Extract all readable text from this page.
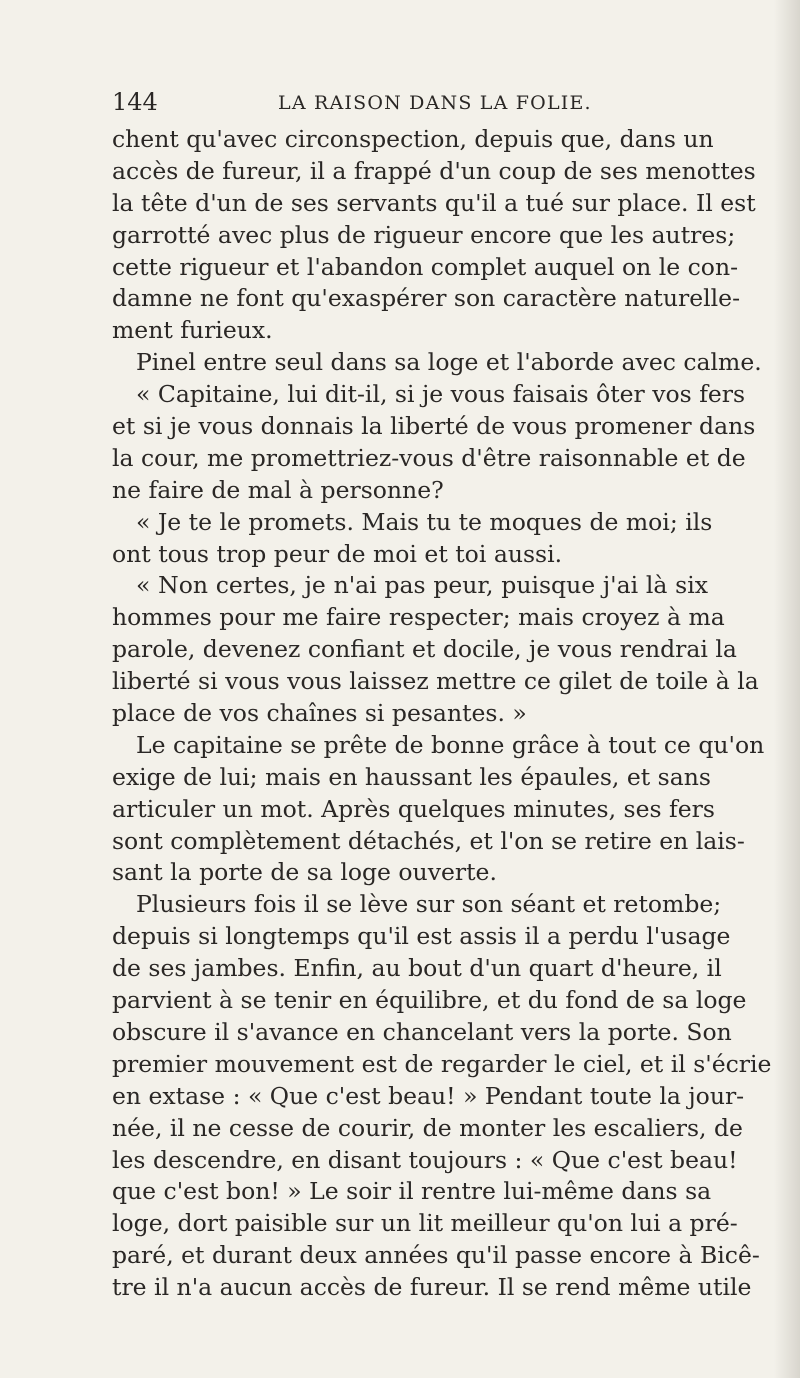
144	LA RAISON DANS LA FOLIE.
chent qu'avec circonspection, depuis que, dans un
accès de fureur, il a frappé d'un coup de ses menottes
la tête d'un de ses servants qu'il a tué sur place. Il est
garrotté avec plus de rigueur encore que les autres;
cette rigueur et l'abandon complet auquel on le con-
damne ne font qu'exaspérer son caractère naturelle-
ment furieux.
Pinel entre seul dans sa loge et l'aborde avec calme.
« Capitaine, lui dit-il, si je vous faisais ôter vos fers
et si je vous donnais la liberté de vous promener dans
la cour, me promettriez-vous d'être raisonnable et de
ne faire de mal à personne?
« Je te le promets. Mais tu te moques de moi; ils
ont tous trop peur de moi et toi aussi.
« Non certes, je n'ai pas peur, puisque j'ai là six
hommes pour me faire respecter; mais croyez à ma
parole, devenez confiant et docile, je vous rendrai la
liberté si vous vous laissez mettre ce gilet de toile à la
place de vos chaînes si pesantes. »
Le capitaine se prête de bonne grâce à tout ce qu'on
exige de lui; mais en haussant les épaules, et sans
articuler un mot. Après quelques minutes, ses fers
sont complètement détachés, et l'on se retire en lais-
sant la porte de sa loge ouverte.
Plusieurs fois il se lève sur son séant et retombe;
depuis si longtemps qu'il est assis il a perdu l'usage
de ses jambes. Enfin, au bout d'un quart d'heure, il
parvient à se tenir en équilibre, et du fond de sa loge
obscure il s'avance en chancelant vers la porte. Son
premier mouvement est de regarder le ciel, et il s'écrie
en extase : « Que c'est beau! » Pendant toute la jour-
née, il ne cesse de courir, de monter les escaliers, de
les descendre, en disant toujours : « Que c'est beau!
que c'est bon! » Le soir il rentre lui-même dans sa
loge, dort paisible sur un lit meilleur qu'on lui a pré-
paré, et durant deux années qu'il passe encore à Bicê-
tre il n'a aucun accès de fureur. Il se rend même utile
